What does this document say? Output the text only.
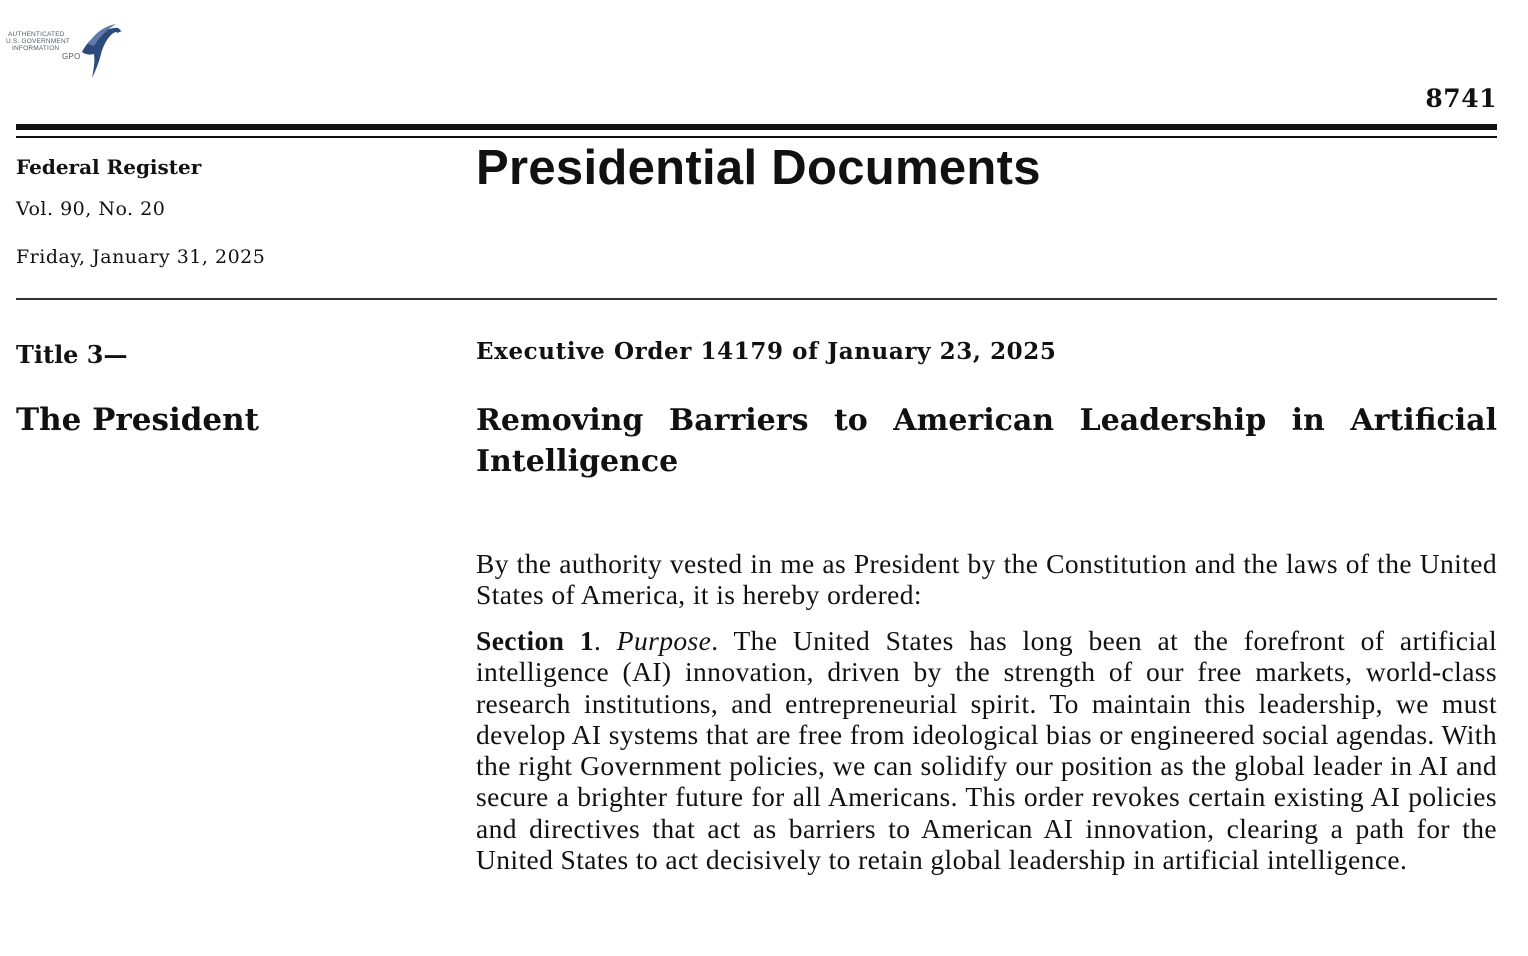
AUTHENTICATED
U.S. GOVERNMENT
INFORMATION
GPO
8741
Federal Register
Vol. 90, No. 20
Friday, January 31, 2025
Presidential Documents
Title 3—
The President
Executive Order 14179 of January 23, 2025
Removing Barriers to American Leadership in Artificial Intelligence
By the authority vested in me as President by the Constitution and the laws of the United States of America, it is hereby ordered:
Section 1. Purpose. The United States has long been at the forefront of artificial intelligence (AI) innovation, driven by the strength of our free markets, world-class research institutions, and entrepreneurial spirit. To maintain this leadership, we must develop AI systems that are free from ideological bias or engineered social agendas. With the right Government policies, we can solidify our position as the global leader in AI and secure a brighter future for all Americans. This order revokes certain existing AI policies and directives that act as barriers to American AI innovation, clearing a path for the United States to act decisively to retain global leadership in artificial intelligence.
